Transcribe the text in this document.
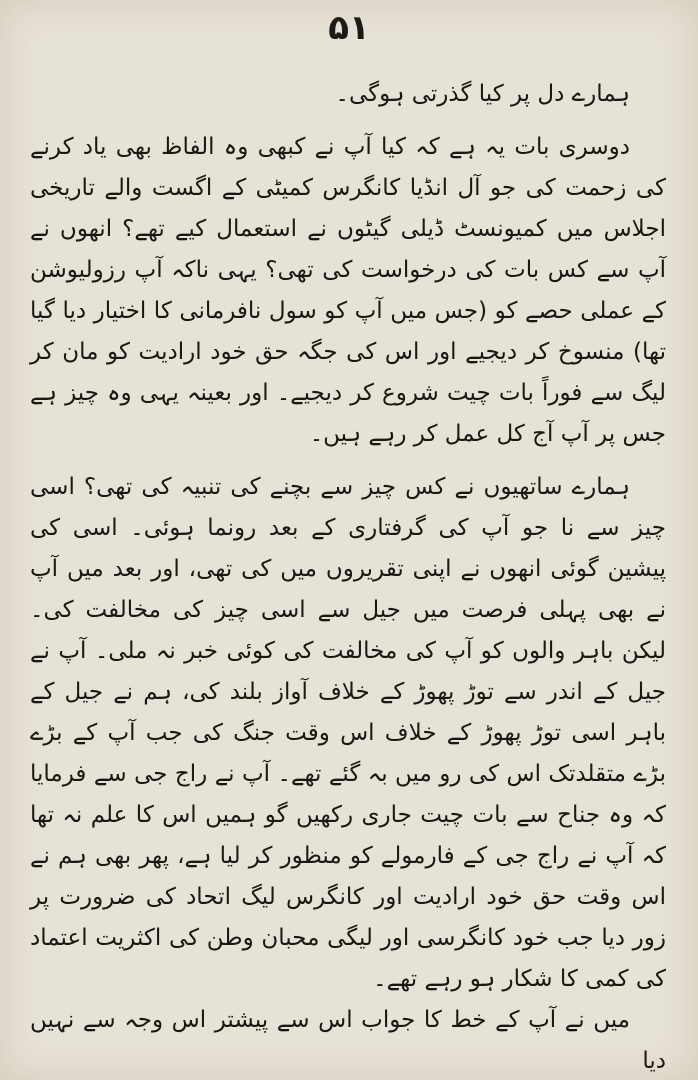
۵۱

ہمارے دل پر کیا گذرتی ہوگی۔

دوسری بات یہ ہے کہ کیا آپ نے کبھی وہ الفاظ بھی یاد کرنے کی زحمت کی جو آل انڈیا کانگرس کمیٹی کے اگست والے تاریخی اجلاس میں کمیونسٹ ڈیلی گیٹوں نے استعمال کیے تھے؟ انھوں نے آپ سے کس بات کی درخواست کی تھی؟ یہی ناکہ آپ رزولیوشن کے عملی حصے کو (جس میں آپ کو سول نافرمانی کا اختیار دیا گیا تھا) منسوخ کر دیجیے اور اس کی جگہ حق خود ارادیت کو مان کر لیگ سے فوراً بات چیت شروع کر دیجیے۔ اور بعینہ یہی وہ چیز ہے جس پر آپ آج کل عمل کر رہے ہیں۔

ہمارے ساتھیوں نے کس چیز سے بچنے کی تنبیہ کی تھی؟ اسی چیز سے نا جو آپ کی گرفتاری کے بعد رونما ہوئی۔ اسی کی پیشین گوئی انھوں نے اپنی تقریروں میں کی تھی، اور بعد میں آپ نے بھی پہلی فرصت میں جیل سے اسی چیز کی مخالفت کی۔ لیکن باہر والوں کو آپ کی مخالفت کی کوئی خبر نہ ملی۔ آپ نے جیل کے اندر سے توڑ پھوڑ کے خلاف آواز بلند کی، ہم نے جیل کے باہر اسی توڑ پھوڑ کے خلاف اس وقت جنگ کی جب آپ کے بڑے بڑے متقلدتک اس کی رو میں بہ گئے تھے۔ آپ نے راج جی سے فرمایا کہ وہ جناح سے بات چیت جاری رکھیں گو ہمیں اس کا علم نہ تھا کہ آپ نے راج جی کے فارمولے کو منظور کر لیا ہے، پھر بھی ہم نے اس وقت حق خود ارادیت اور کانگرس لیگ اتحاد کی ضرورت پر زور دیا جب خود کانگرسی اور لیگی محبان وطن کی اکثریت اعتماد کی کمی کا شکار ہو رہے تھے۔

میں نے آپ کے خط کا جواب اس سے پیشتر اس وجہ سے نہیں دیا
